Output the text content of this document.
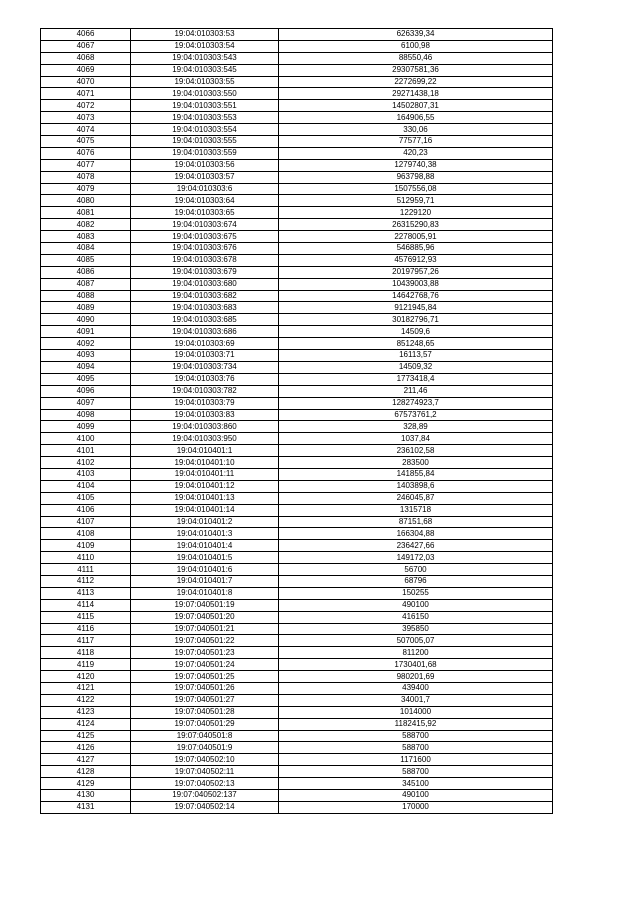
4066	19:04:010303:53	626339,34
4067	19:04:010303:54	6100,98
4068	19:04:010303:543	88550,46
4069	19:04:010303:545	29307581,36
4070	19:04:010303:55	2272699,22
4071	19:04:010303:550	29271438,18
4072	19:04:010303:551	14502807,31
4073	19:04:010303:553	164906,55
4074	19:04:010303:554	330,06
4075	19:04:010303:555	77577,16
4076	19:04:010303:559	420,23
4077	19:04:010303:56	1279740,38
4078	19:04:010303:57	963798,88
4079	19:04:010303:6	1507556,08
4080	19:04:010303:64	512959,71
4081	19:04:010303:65	1229120
4082	19:04:010303:674	26315290,83
4083	19:04:010303:675	2278005,91
4084	19:04:010303:676	546885,96
4085	19:04:010303:678	4576912,93
4086	19:04:010303:679	20197957,26
4087	19:04:010303:680	10439003,88
4088	19:04:010303:682	14642768,76
4089	19:04:010303:683	9121945,84
4090	19:04:010303:685	30182796,71
4091	19:04:010303:686	14509,6
4092	19:04:010303:69	851248,65
4093	19:04:010303:71	16113,57
4094	19:04:010303:734	14509,32
4095	19:04:010303:76	1773418,4
4096	19:04:010303:782	211,46
4097	19:04:010303:79	128274923,7
4098	19:04:010303:83	67573761,2
4099	19:04:010303:860	328,89
4100	19:04:010303:950	1037,84
4101	19:04:010401:1	236102,58
4102	19:04:010401:10	283500
4103	19:04:010401:11	141855,84
4104	19:04:010401:12	1403898,6
4105	19:04:010401:13	246045,87
4106	19:04:010401:14	1315718
4107	19:04:010401:2	87151,68
4108	19:04:010401:3	166304,88
4109	19:04:010401:4	236427,66
4110	19:04:010401:5	149172,03
4111	19:04:010401:6	56700
4112	19:04:010401:7	68796
4113	19:04:010401:8	150255
4114	19:07:040501:19	490100
4115	19:07:040501:20	416150
4116	19:07:040501:21	395850
4117	19:07:040501:22	507005,07
4118	19:07:040501:23	811200
4119	19:07:040501:24	1730401,68
4120	19:07:040501:25	980201,69
4121	19:07:040501:26	439400
4122	19:07:040501:27	34001,7
4123	19:07:040501:28	1014000
4124	19:07:040501:29	1182415,92
4125	19:07:040501:8	588700
4126	19:07:040501:9	588700
4127	19:07:040502:10	1171600
4128	19:07:040502:11	588700
4129	19:07:040502:13	345100
4130	19:07:040502:137	490100
4131	19:07:040502:14	170000
